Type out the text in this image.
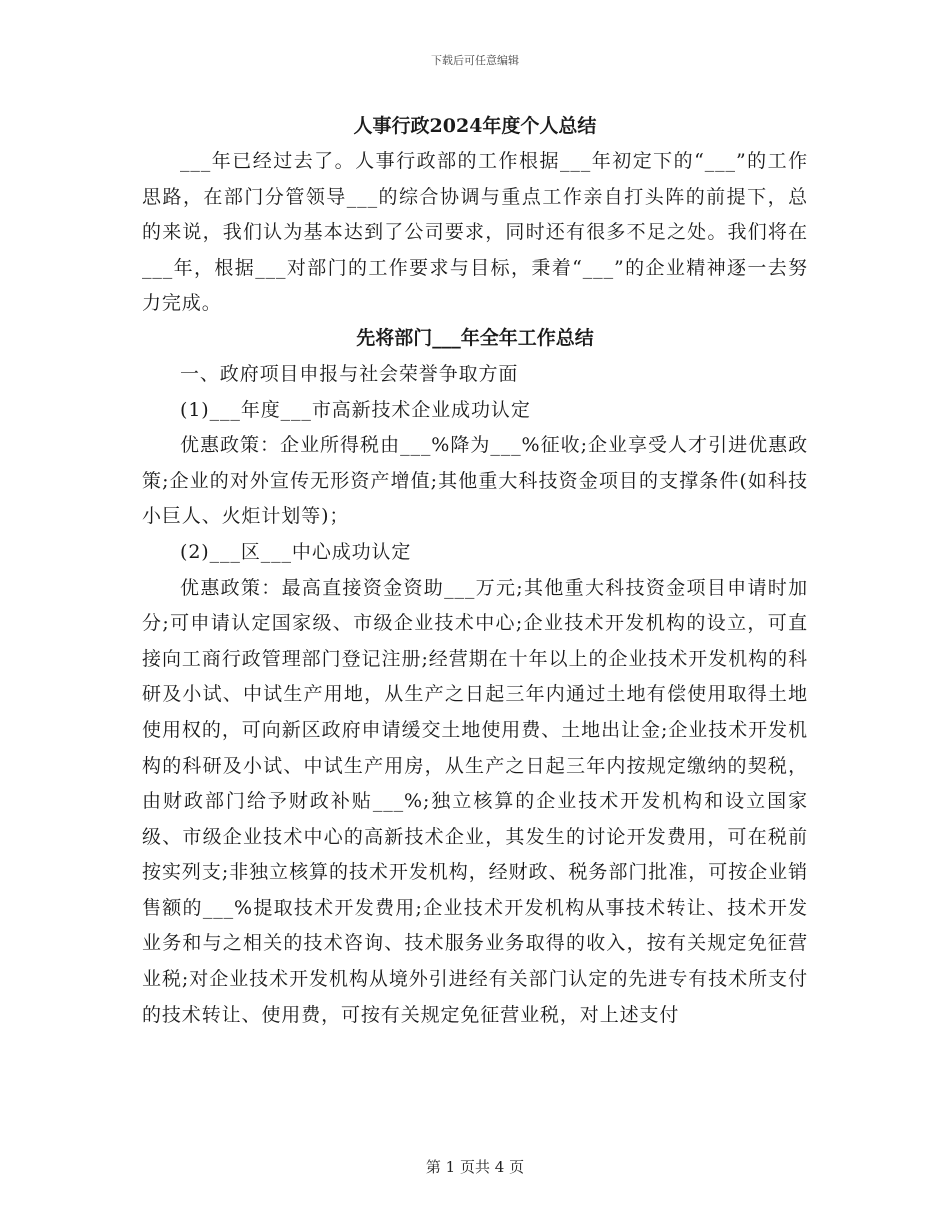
下载后可任意编辑
人事行政2024年度个人总结

___年已经过去了。人事行政部的工作根据___年初定下的“___”的工作思路，在部门分管领导___的综合协调与重点工作亲自打头阵的前提下，总的来说，我们认为基本达到了公司要求，同时还有很多不足之处。我们将在___年，根据___对部门的工作要求与目标，秉着“___”的企业精神逐一去努力完成。

先将部门___年全年工作总结

一、政府项目申报与社会荣誉争取方面

(1)___年度___市高新技术企业成功认定

优惠政策：企业所得税由___%降为___%征收;企业享受人才引进优惠政策;企业的对外宣传无形资产增值;其他重大科技资金项目的支撑条件(如科技小巨人、火炬计划等)；

(2)___区___中心成功认定

优惠政策：最高直接资金资助___万元;其他重大科技资金项目申请时加分;可申请认定国家级、市级企业技术中心;企业技术开发机构的设立，可直接向工商行政管理部门登记注册;经营期在十年以上的企业技术开发机构的科研及小试、中试生产用地，从生产之日起三年内通过土地有偿使用取得土地使用权的，可向新区政府申请缓交土地使用费、土地出让金;企业技术开发机构的科研及小试、中试生产用房，从生产之日起三年内按规定缴纳的契税，由财政部门给予财政补贴___%;独立核算的企业技术开发机构和设立国家级、市级企业技术中心的高新技术企业，其发生的讨论开发费用，可在税前按实列支;非独立核算的技术开发机构，经财政、税务部门批准，可按企业销售额的___%提取技术开发费用;企业技术开发机构从事技术转让、技术开发业务和与之相关的技术咨询、技术服务业务取得的收入，按有关规定免征营业税;对企业技术开发机构从境外引进经有关部门认定的先进专有技术所支付的技术转让、使用费，可按有关规定免征营业税，对上述支付

第 1 页共 4 页
